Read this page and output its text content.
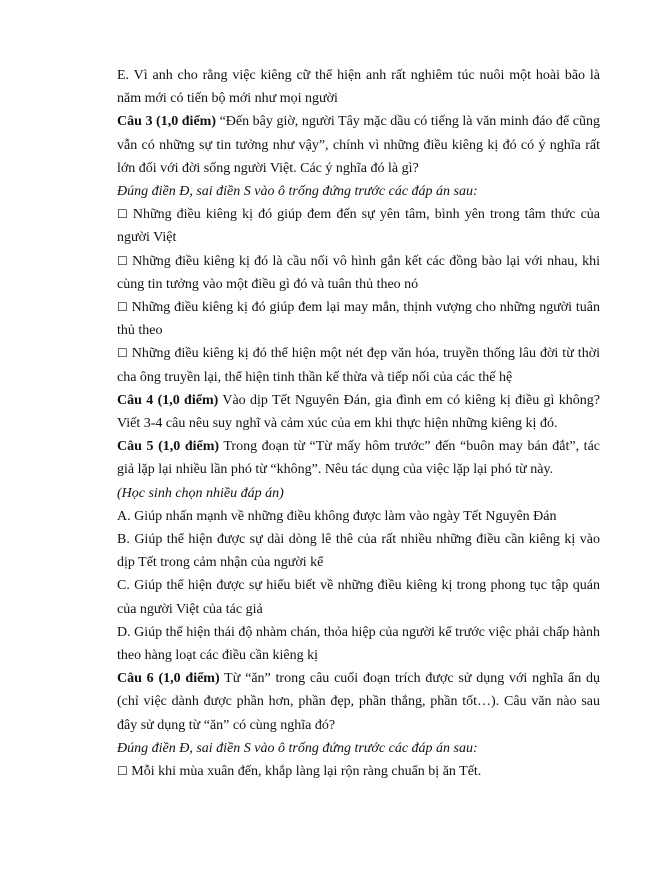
E. Vì anh cho rằng việc kiêng cữ thể hiện anh rất nghiêm túc nuôi một hoài bão là năm mới có tiến bộ mới như mọi người

Câu 3 (1,0 điểm) “Đến bây giờ, người Tây mặc dầu có tiếng là văn minh đáo để cũng vẫn có những sự tin tưởng như vậy”, chính vì những điều kiêng kị đó có ý nghĩa rất lớn đối với đời sống người Việt. Các ý nghĩa đó là gì?

Đúng điền Đ, sai điền S vào ô trống đứng trước các đáp án sau:

☐ Những điều kiêng kị đó giúp đem đến sự yên tâm, bình yên trong tâm thức của người Việt

☐ Những điều kiêng kị đó là cầu nối vô hình gắn kết các đồng bào lại với nhau, khi cùng tin tưởng vào một điều gì đó và tuân thủ theo nó

☐ Những điều kiêng kị đó giúp đem lại may mắn, thịnh vượng cho những người tuân thủ theo

☐ Những điều kiêng kị đó thể hiện một nét đẹp văn hóa, truyền thống lâu đời từ thời cha ông truyền lại, thể hiện tinh thần kế thừa và tiếp nối của các thế hệ

Câu 4 (1,0 điểm) Vào dịp Tết Nguyên Đán, gia đình em có kiêng kị điều gì không? Viết 3-4 câu nêu suy nghĩ và cảm xúc của em khi thực hiện những kiêng kị đó.

Câu 5 (1,0 điểm) Trong đoạn từ “Từ mấy hôm trước” đến “buôn may bán đắt”, tác giả lặp lại nhiều lần phó từ “không”. Nêu tác dụng của việc lặp lại phó từ này.

(Học sinh chọn nhiều đáp án)

A. Giúp nhấn mạnh về những điều không được làm vào ngày Tết Nguyên Đán

B. Giúp thể hiện được sự dài dòng lê thê của rất nhiều những điều cần kiêng kị vào dịp Tết trong cảm nhận của người kể

C. Giúp thể hiện được sự hiểu biết về những điều kiêng kị trong phong tục tập quán của người Việt của tác giả

D. Giúp thể hiện thái độ nhàm chán, thỏa hiệp của người kể trước việc phải chấp hành theo hàng loạt các điều cần kiêng kị

Câu 6 (1,0 điểm) Từ “ăn” trong câu cuối đoạn trích được sử dụng với nghĩa ẩn dụ (chỉ việc dành được phần hơn, phần đẹp, phần thắng, phần tốt…). Câu văn nào sau đây sử dụng từ “ăn” có cùng nghĩa đó?

Đúng điền Đ, sai điền S vào ô trống đứng trước các đáp án sau:

☐ Mỗi khi mùa xuân đến, khắp làng lại rộn ràng chuẩn bị ăn Tết.
